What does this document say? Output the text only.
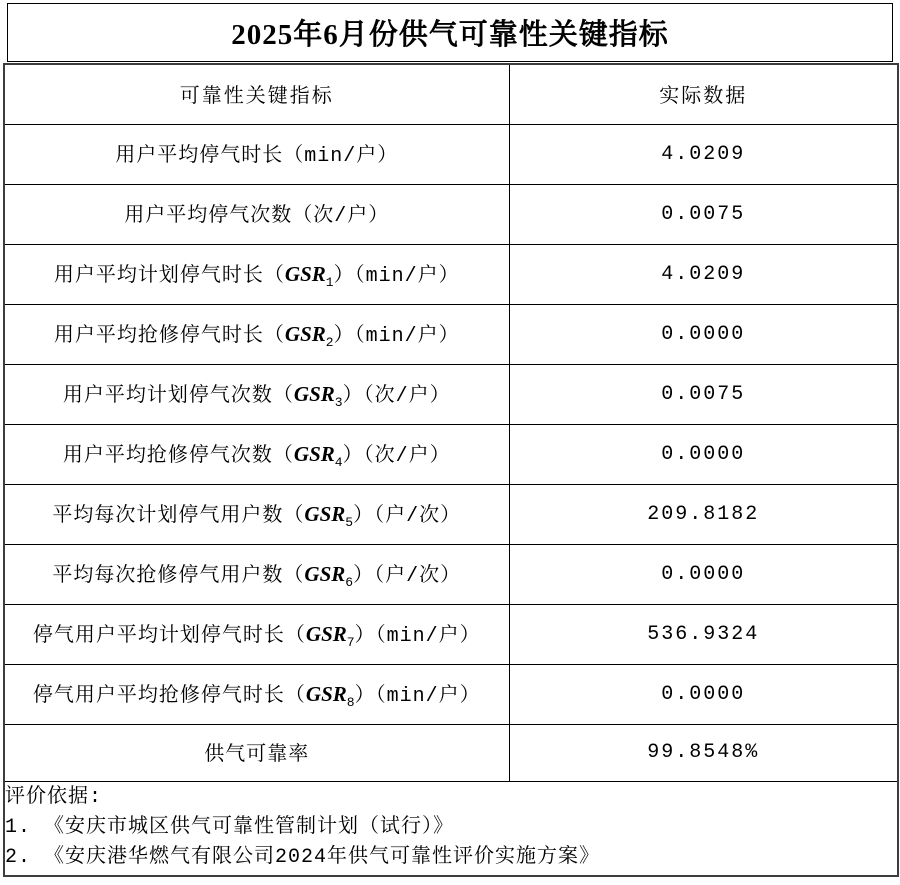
2025年6月份供气可靠性关键指标
可靠性关键指标	实际数据
用户平均停气时长（min/户）	4.0209
用户平均停气次数（次/户）	0.0075
用户平均计划停气时长$(GSR_1)(\min/$户）	4.0209
用户平均抢修停气时长$(GSR_2)(\min/$户）	0.0000
用户平均计划停气次数$(GSR_3)$（次/户）	0.0075
用户平均抢修停气次数$(GSR_4)$（次/户）	0.0000
平均每次计划停气用户数$(GSR_5)$（户/次）	209.8182
平均每次抢修停气用户数$(GSR_6)$（户/次）	0.0000
停气用户平均计划停气时长$(GSR_7)(\min/$户）	536.9324
停气用户平均抢修停气时长$(GSR_8)(\min/$户）	0.0000
供气可靠率	99.8548%

评价依据:
1. 《安庆市城区供气可靠性管制计划（试行）》
2. 《安庆港华燃气有限公司2024年供气可靠性评价实施方案》	
